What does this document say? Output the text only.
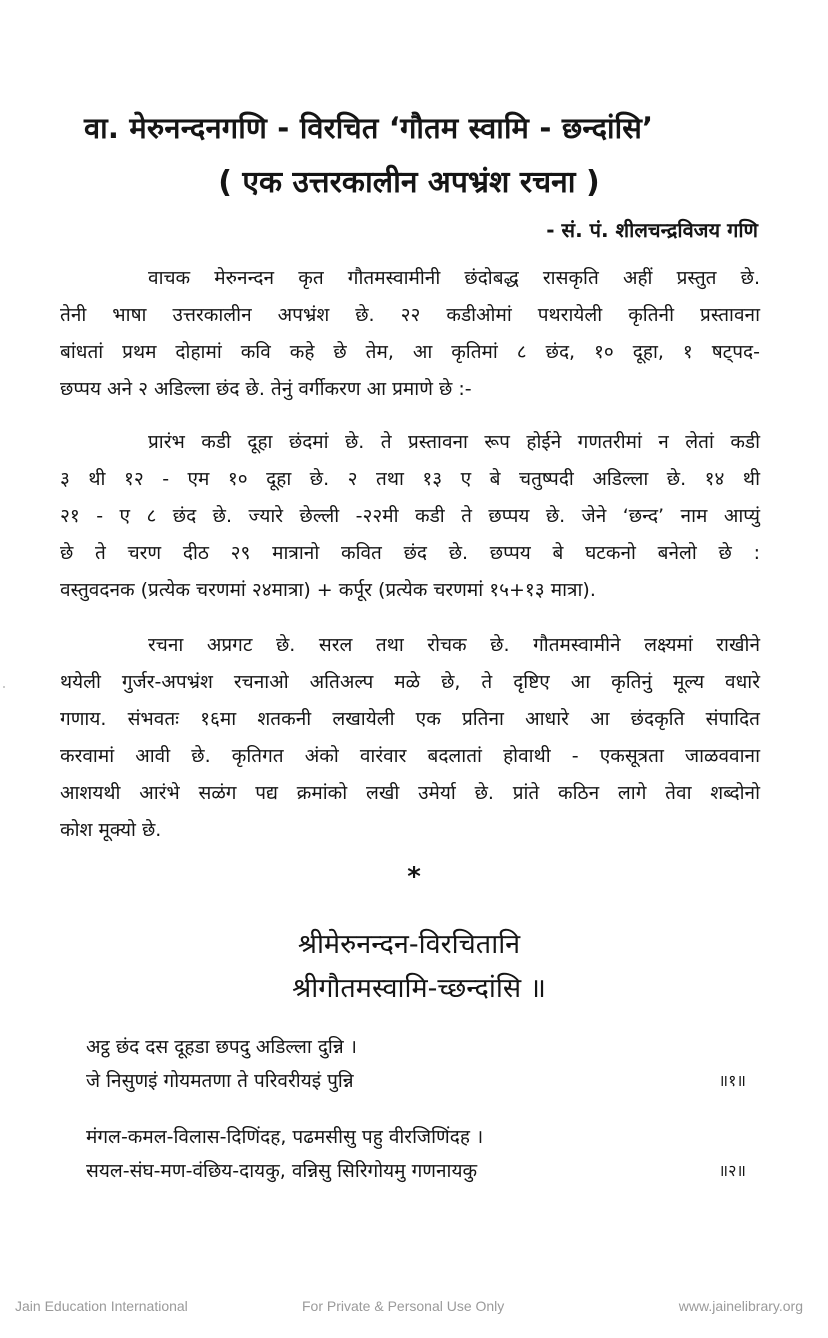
वा. मेरुनन्दनगणि - विरचित ‘गौतम स्वामि - छन्दांसि’
( एक उत्तरकालीन अपभ्रंश रचना )
- सं. पं. शीलचन्द्रविजय गणि
वाचक मेरुनन्दन कृत गौतमस्वामीनी छंदोबद्ध रासकृति अहीं प्रस्तुत छे.
तेनी भाषा उत्तरकालीन अपभ्रंश छे. २२ कडीओमां पथरायेली कृतिनी प्रस्तावना
बांधतां प्रथम दोहामां कवि कहे छे तेम, आ कृतिमां ८ छंद, १० दूहा, १ षट्पद-
छप्पय अने २ अडिल्ला छंद छे. तेनुं वर्गीकरण आ प्रमाणे छे :-
प्रारंभ कडी दूहा छंदमां छे. ते प्रस्तावना रूप होईने गणतरीमां न लेतां कडी
३ थी १२ - एम १० दूहा छे. २ तथा १३ ए बे चतुष्पदी अडिल्ला छे. १४ थी
२१ - ए ८ छंद छे. ज्यारे छेल्ली -२२मी कडी ते छप्पय छे. जेने ‘छन्द’ नाम आप्युं
छे ते चरण दीठ २९ मात्रानो कवित छंद छे. छप्पय बे घटकनो बनेलो छे :
वस्तुवदनक (प्रत्येक चरणमां २४मात्रा) + कर्पूर (प्रत्येक चरणमां १५+१३ मात्रा).
रचना अप्रगट छे. सरल तथा रोचक छे. गौतमस्वामीने लक्ष्यमां राखीने
थयेली गुर्जर-अपभ्रंश रचनाओ अतिअल्प मळे छे, ते दृष्टिए आ कृतिनुं मूल्य वधारे
गणाय. संभवतः १६मा शतकनी लखायेली एक प्रतिना आधारे आ छंदकृति संपादित
करवामां आवी छे. कृतिगत अंको वारंवार बदलातां होवाथी - एकसूत्रता जाळववाना
आशयथी आरंभे सळंग पद्य क्रमांको लखी उमेर्या छे. प्रांते कठिन लागे तेवा शब्दोनो
कोश मूक्यो छे.
*
श्रीमेरुनन्दन-विरचितानि
श्रीगौतमस्वामि-च्छन्दांसि ॥
अट्ठ छंद दस दूहडा छपदु अडिल्ला दुन्नि ।
जे निसुणइं गोयमतणा ते परिवरीयइं पुन्नि	॥१॥
मंगल-कमल-विलास-दिणिंदह, पढमसीसु पहु वीरजिणिंदह ।
सयल-संघ-मण-वंछिय-दायकु, वन्निसु सिरिगोयमु गणनायकु	॥२॥
Jain Education International	For Private & Personal Use Only	www.jainelibrary.org
